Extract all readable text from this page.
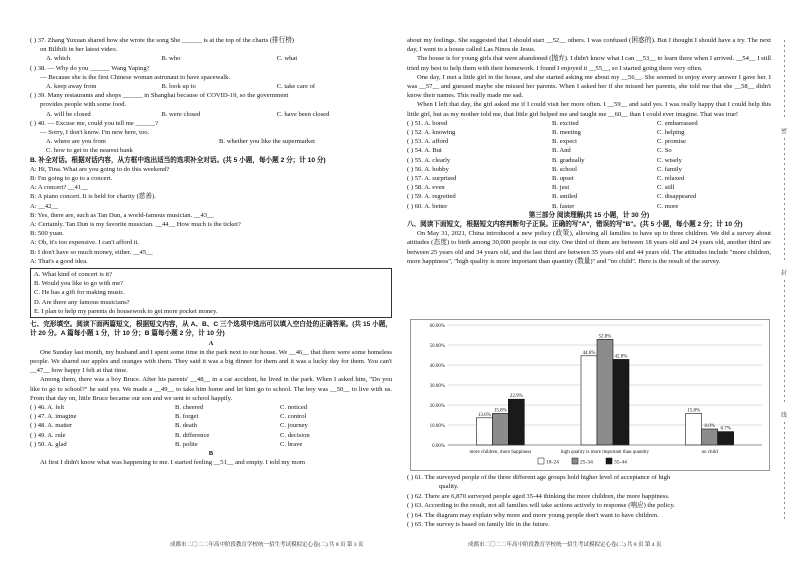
( ) 37. Zhang Yuxuan shared how she wrote the song She ______ is at the top of the charts (排行榜)
on Bilibili in her latest video.
A. which	B. who	C. what
( ) 38. — Why do you ______ Wang Yaping?
— Because she is the first Chinese woman astronaut to have spacewalk.
A. keep away from	B. look up to	C. take care of
( ) 39. Many restaurants and shops ______ in Shanghai because of COVID-19, so the government
provides people with some food.
A. will be closed	B. were closed	C. have been closed
( ) 40. — Excuse me, could you tell me ______?
— Sorry, I don't know. I'm new here, too.
A. where are you from	B. whether you like the supermarket
C. how to get to the nearest bank
B. 补全对话。根据对话内容，从方框中选出适当的选项补全对话。(共 5 小题，每小题 2 分；计 10 分)
A: Hi, Tina. What are you going to do this weekend?
B: I'm going to go to a concert.
A: A concert? __41__
B: A piano concert. It is held for charity (慈善).
A: __42__
B: Yes, there are, such as Tan Dun, a world-famous musician. __43__
A: Certainly. Tan Dun is my favorite musician. __44__ How much is the ticket?
B: 500 yuan.
A: Oh, it's too expensive. I can't afford it.
B: I don't have so much money, either. __45__
A: That's a good idea.
A. What kind of concert is it?
B. Would you like to go with me?
C. He has a gift for making music.
D. Are there any famous musicians?
E. I plan to help my parents do housework to get more pocket money.
七、完形填空。阅读下面两篇短文，根据短文内容，从 A、B、C 三个选项中选出可以填入空白处的正确答案。(共 15 小题，计 20 分。A 篇每小题 1 分，计 10 分；B 篇每小题 2 分，计 10 分)
A
One Sunday last month, my husband and I spent some time in the park next to our house. We __46__ that there were some homeless people. We shared our apples and oranges with them. They said it was a big dinner for them and it was a lucky day for them. You can't __47__ how happy I felt at that time.
Among them, there was a boy Bruce. After his parents' __48__ in a car accident, he lived in the park. When I asked him, "Do you like to go to school?" he said yes. We made a __49__ to take him home and let him go to school. The boy was __50__ to live with us. From that day on, little Bruce became our son and we sent to school happily.
( ) 46. A. felt	B. cheered	C. noticed
( ) 47. A. imagine	B. forget	C. control
( ) 48. A. matter	B. death	C. journey
( ) 49. A. rule	B. difference	C. decision
( ) 50. A. glad	B. polite	C. brave
B
At first I didn't know what was happening to me. I started feeling __51__ and empty. I told my mom
成都市二〇二二年高中阶段教育学校统一招生考试模拟定心卷(二) 共 8 页 第 3 页
about my feelings. She suggested that I should start __52__ others. I was confused (困惑的). But I thought I should have a try. The next day, I went to a house called Las Ninos de Jesus.
The house is for young girls that were abandoned (抛弃). I didn't know what I can __53__ to learn there when I arrived. __54__ I still tried my best to help them with their homework. I found I enjoyed it __55__, so I started going there very often.
One day, I met a little girl in the house, and she started asking me about my __56__. She seemed to enjoy every answer I gave her. I was __57__ and guessed maybe she missed her parents. When I asked her if she missed her parents, she told me that she __58__ didn't know their names. This really made me sad.
When I left that day, the girl asked me if I could visit her more often. I __59__ and said yes. I was really happy that I could help this little girl, but as my mother told me, that little girl helped me and taught me __60__ than I could ever imagine. That was true!
( ) 51. A. bored	B. excited	C. embarrassed
( ) 52. A. knowing	B. meeting	C. helping
( ) 53. A. afford	B. expect	C. promise
( ) 54. A. But	B. And	C. So
( ) 55. A. clearly	B. gradually	C. wisely
( ) 56. A. hobby	B. school	C. family
( ) 57. A. surprised	B. upset	C. relaxed
( ) 58. A. even	B. just	C. still
( ) 59. A. regretted	B. smiled	C. disappeared
( ) 60. A. better	B. faster	C. more
第三部分 阅读理解(共 15 小题，计 30 分)
八、阅读下面短文，根据短文内容判断句子正误。正确的写"A"，错误的写"B"。(共 5 小题，每小题 2 分；计 10 分)
On May 31, 2021, China introduced a new policy (政策), allowing all families to have up to three children. We did a survey about attitudes (态度) to birth among 30,000 people in our city. One third of them are between 18 years old and 24 years old, another third are between 25 years old and 34 years old, and the last third are between 35 years old and 44 years old. The attitudes include "more children, more happiness", "high quality is more important than quantity (数量)" and "no child". Here is the result of the survey.
0.00%
10.00%
20.00%
30.00%
40.00%
50.00%
60.00%
13.6%
15.8%
22.9%
more children, more happiness
44.6%
52.8%
42.8%
high quality is more important than quantity
15.8%
8.0%
6.7%
no child
18-24	25-34	35-44
( ) 61. The surveyed people of the three different age groups hold higher level of acceptance of high
quality.
( ) 62. There are 6,870 surveyed people aged 35-44 thinking the more children, the more happiness.
( ) 63. According to the result, not all families will take actions actively to response (响应) the policy.
( ) 64. The diagram may explain why more and more young people don't want to have children.
( ) 65. The survey is based on family life in the future.
成都市二〇二二年高中阶段教育学校统一招生考试模拟定心卷(二) 共 8 页 第 4 页
密
封
线
